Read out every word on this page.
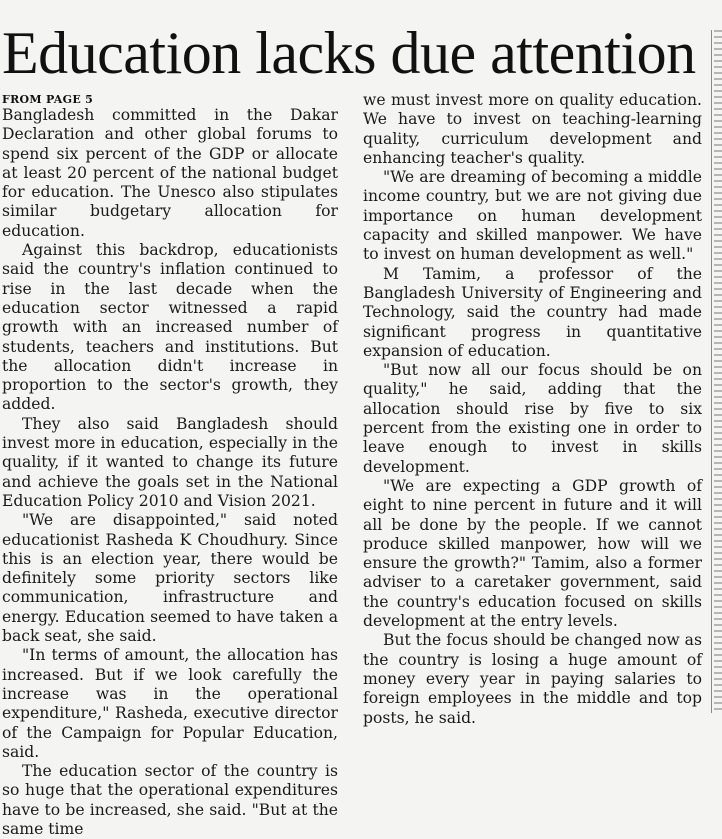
Education lacks due attention
FROM PAGE 5

Bangladesh committed in the Dakar Declaration and other global forums to spend six percent of the GDP or allocate at least 20 percent of the national budget for education. The Unesco also stipulates similar budgetary allocation for education.

Against this backdrop, educationists said the country's inflation continued to rise in the last decade when the education sector witnessed a rapid growth with an increased number of students, teachers and institutions. But the allocation didn't increase in proportion to the sector's growth, they added.

They also said Bangladesh should invest more in education, especially in the quality, if it wanted to change its future and achieve the goals set in the National Education Policy 2010 and Vision 2021.

"We are disappointed," said noted educationist Rasheda K Choudhury. Since this is an election year, there would be definitely some priority sectors like communication, infrastructure and energy. Education seemed to have taken a back seat, she said.

"In terms of amount, the allocation has increased. But if we look carefully the increase was in the operational expenditure," Rasheda, executive director of the Campaign for Popular Education, said.

The education sector of the country is so huge that the operational expenditures have to be increased, she said. "But at the same time

we must invest more on quality education. We have to invest on teaching-learning quality, curriculum development and enhancing teacher's quality.

"We are dreaming of becoming a middle income country, but we are not giving due importance on human development capacity and skilled manpower. We have to invest on human development as well."

M Tamim, a professor of the Bangladesh University of Engineering and Technology, said the country had made significant progress in quantitative expansion of education.

"But now all our focus should be on quality," he said, adding that the allocation should rise by five to six percent from the existing one in order to leave enough to invest in skills development.

"We are expecting a GDP growth of eight to nine percent in future and it will all be done by the people. If we cannot produce skilled manpower, how will we ensure the growth?" Tamim, also a former adviser to a caretaker government, said the country's education focused on skills development at the entry levels.

But the focus should be changed now as the country is losing a huge amount of money every year in paying salaries to foreign employees in the middle and top posts, he said.
